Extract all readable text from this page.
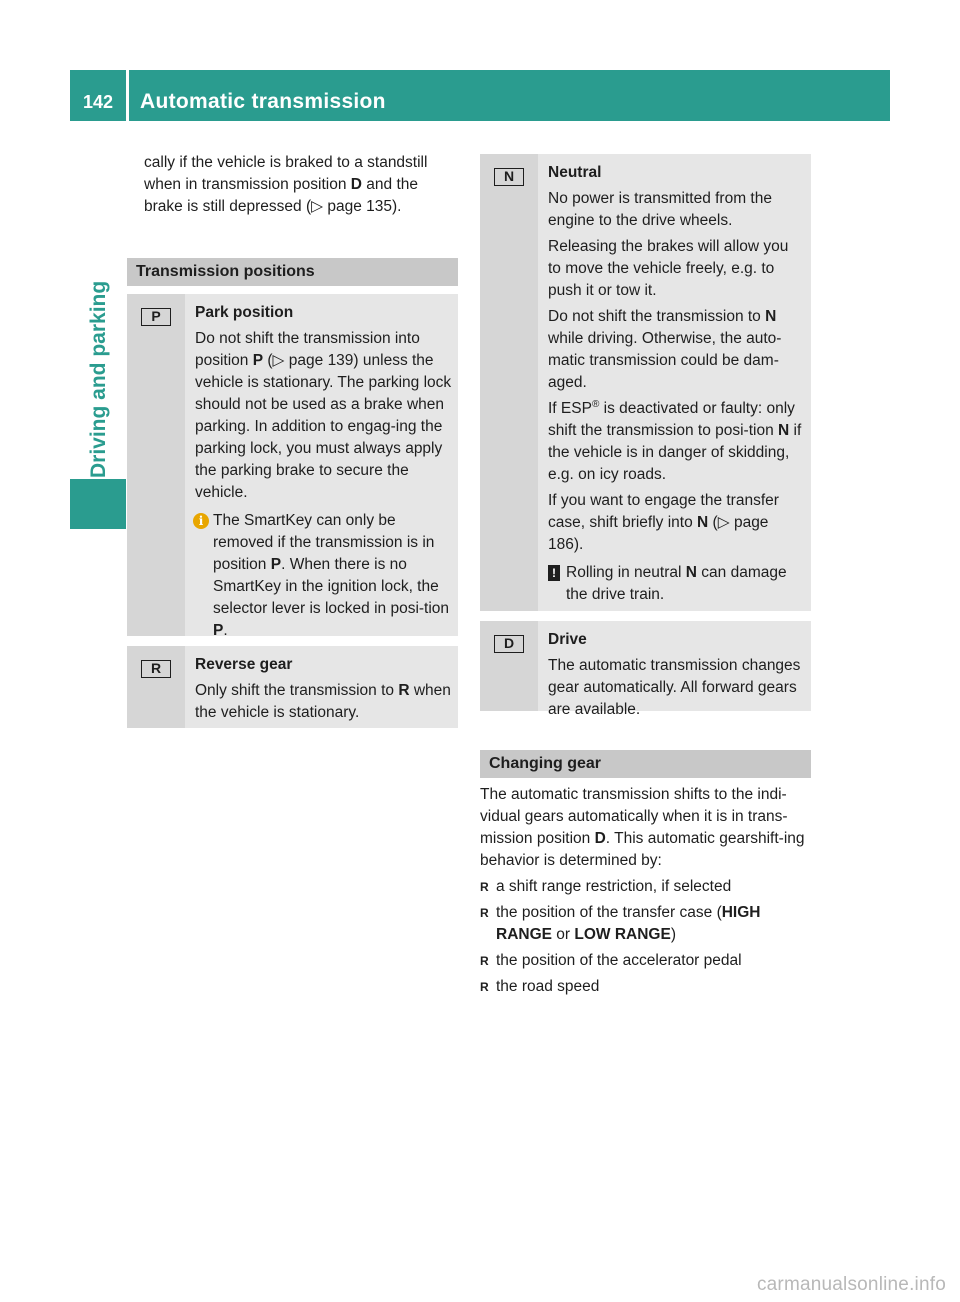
142	Automatic transmission
Driving and parking

cally if the vehicle is braked to a standstill when in transmission position D and the brake is still depressed (▷ page 135).

Transmission positions
P	Park position
Do not shift the transmission into position P (▷ page 139) unless the vehicle is stationary. The parking lock should not be used as a brake when parking. In addition to engag-ing the parking lock, you must always apply the parking brake to secure the vehicle.
i The SmartKey can only be removed if the transmission is in position P. When there is no SmartKey in the ignition lock, the selector lever is locked in posi-tion P.
R	Reverse gear
Only shift the transmission to R when the vehicle is stationary.
N	Neutral
No power is transmitted from the engine to the drive wheels.
Releasing the brakes will allow you to move the vehicle freely, e.g. to push it or tow it.
Do not shift the transmission to N while driving. Otherwise, the auto-matic transmission could be dam-aged.
If ESP® is deactivated or faulty: only shift the transmission to posi-tion N if the vehicle is in danger of skidding, e.g. on icy roads.
If you want to engage the transfer case, shift briefly into N (▷ page 186).
! Rolling in neutral N can damage the drive train.
D	Drive
The automatic transmission changes gear automatically. All forward gears are available.
Changing gear
The automatic transmission shifts to the indi-vidual gears automatically when it is in trans-mission position D. This automatic gearshift-ing behavior is determined by:
R a shift range restriction, if selected
R the position of the transfer case (HIGH RANGE or LOW RANGE)
R the position of the accelerator pedal
R the road speed
carmanualsonline.info
